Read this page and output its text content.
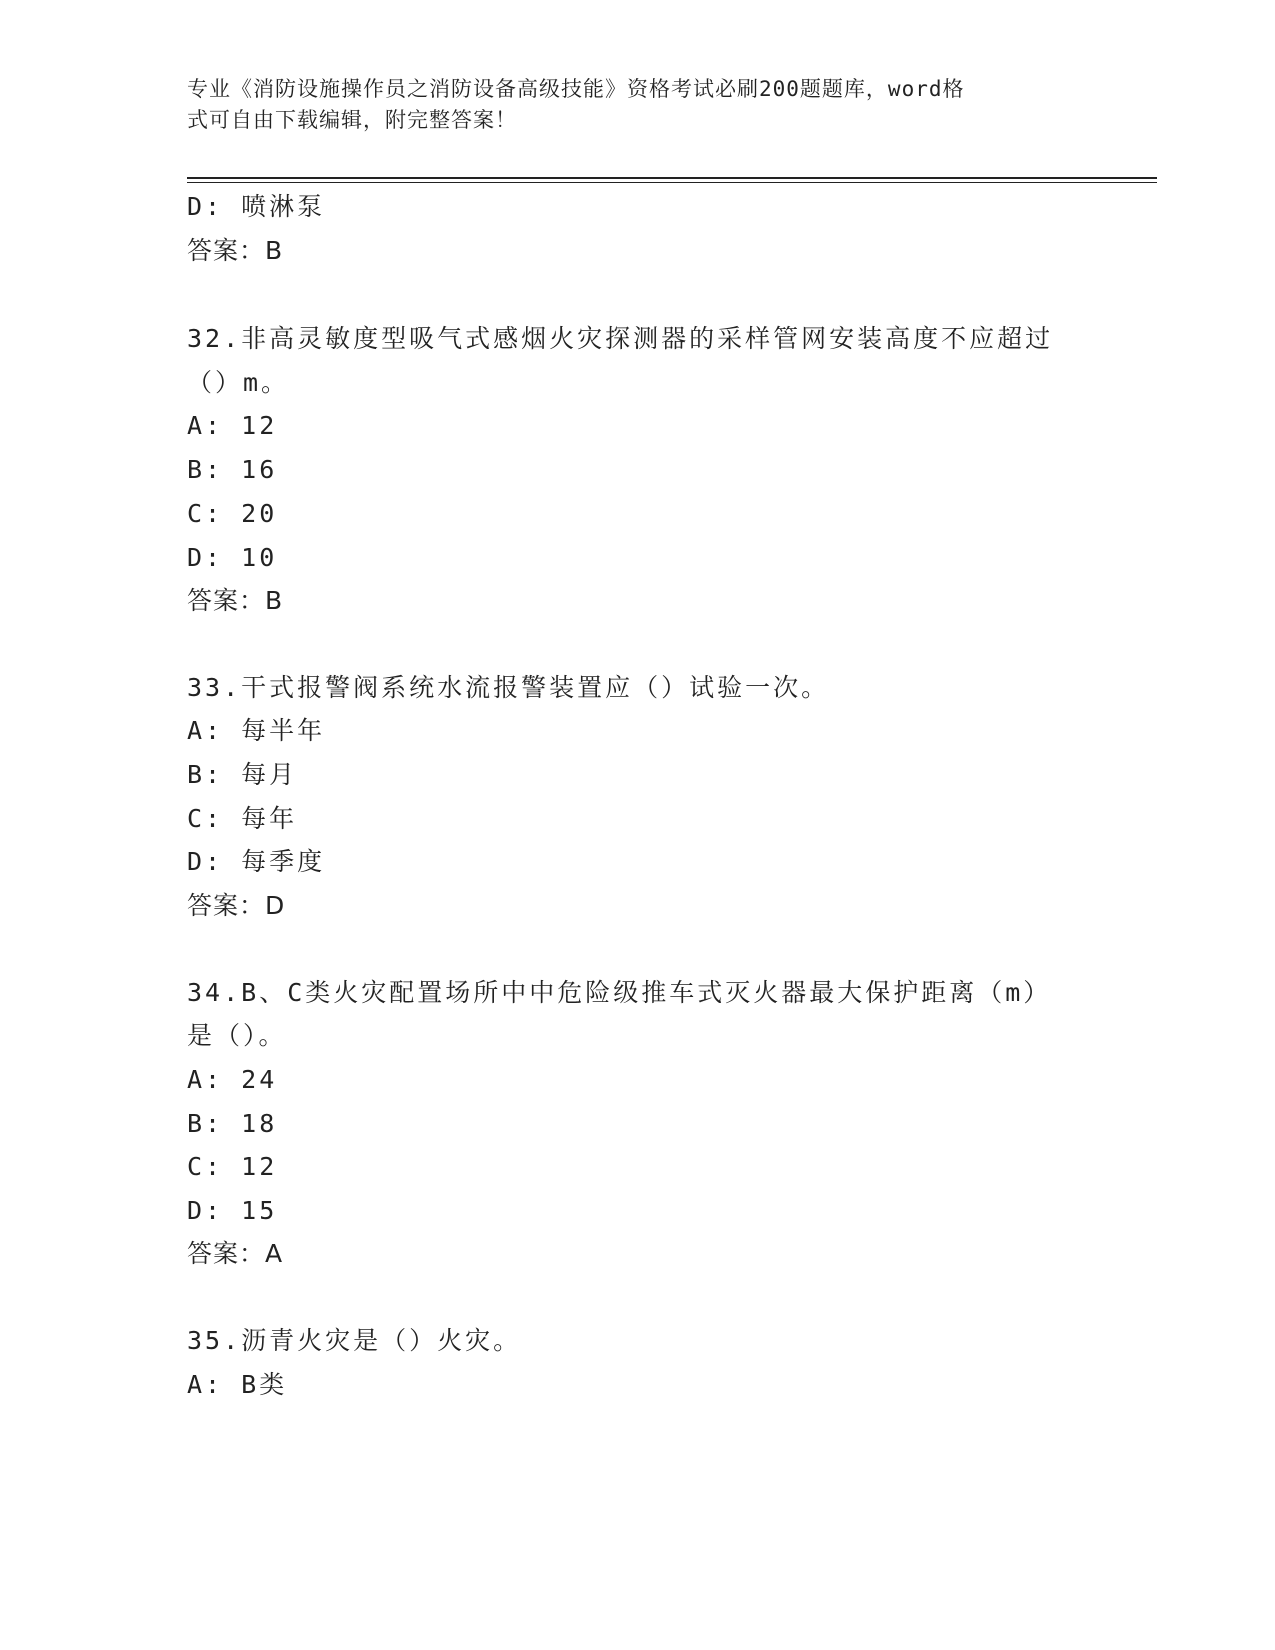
专业《消防设施操作员之消防设备高级技能》资格考试必刷200题题库，word格
式可自由下载编辑，附完整答案！
D: 喷淋泵
答案：B
32.非高灵敏度型吸气式感烟火灾探测器的采样管网安装高度不应超过
（）m。
A: 12
B: 16
C: 20
D: 10
答案：B
33.干式报警阀系统水流报警装置应（）试验一次。
A: 每半年
B: 每月
C: 每年
D: 每季度
答案：D
34.B、C类火灾配置场所中中危险级推车式灭火器最大保护距离（m）
是（）。
A: 24
B: 18
C: 12
D: 15
答案：A
35.沥青火灾是（）火灾。
A: B类
